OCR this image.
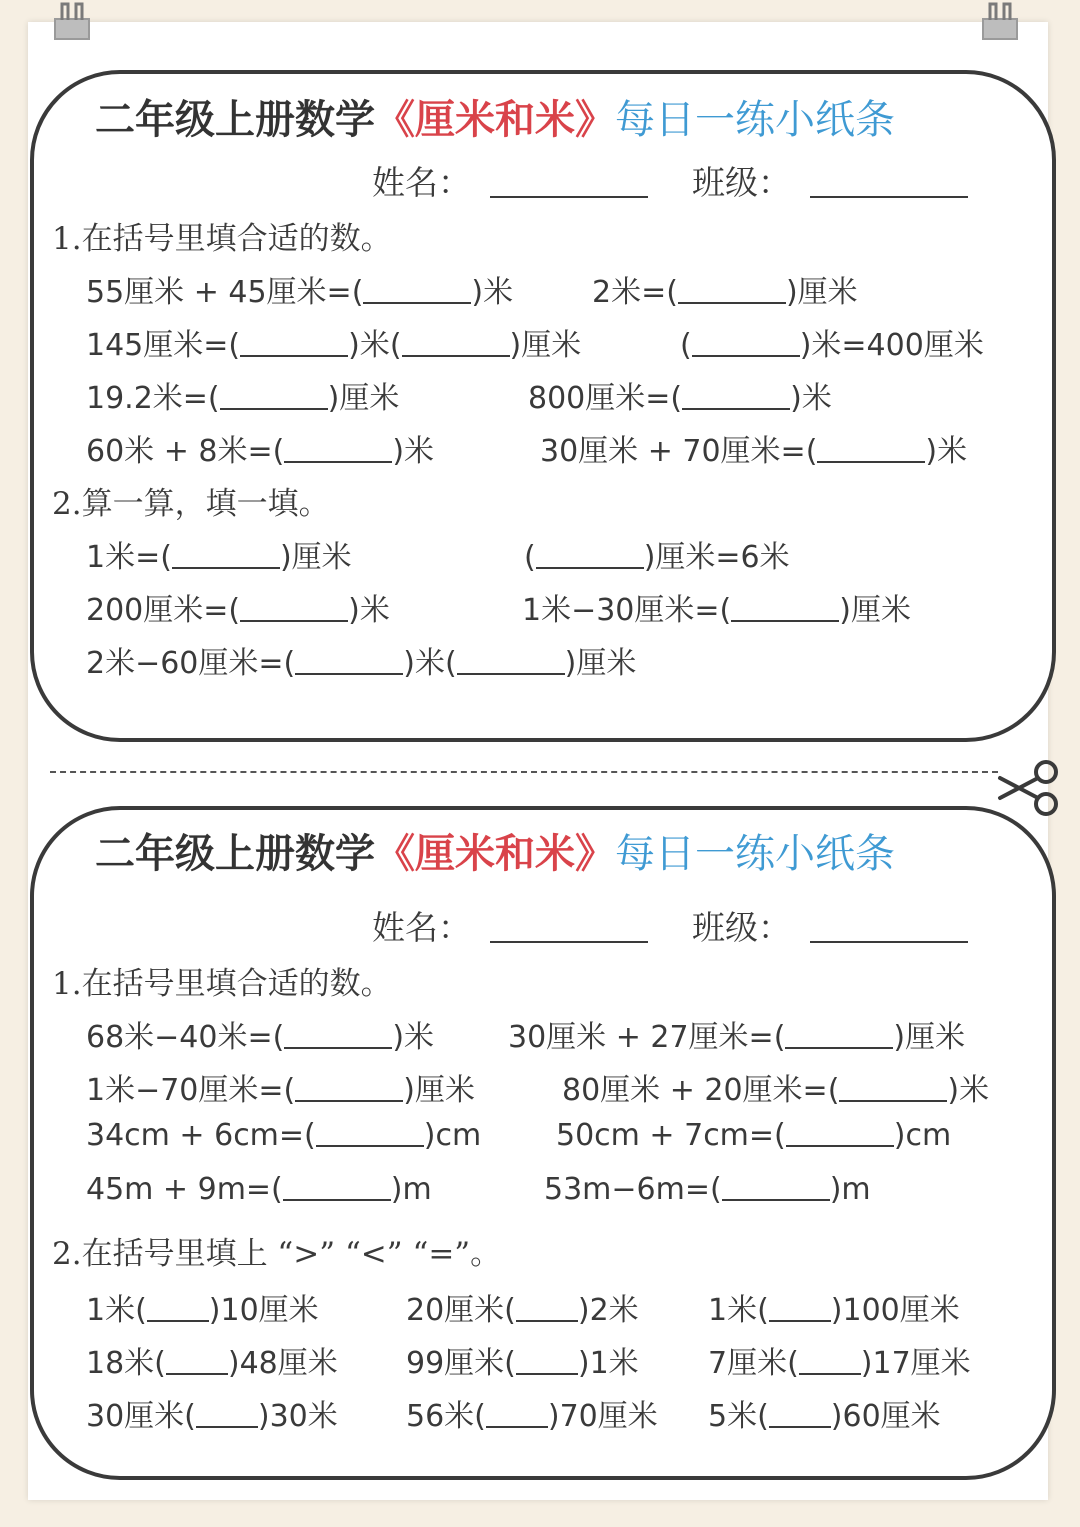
二年级上册数学《厘米和米》每日一练小纸条
姓名：	班级：
1.在括号里填合适的数。
55厘米 + 45厘米=(	)米	2米=(	)厘米
145厘米=(	)米(	)厘米	(	)米=400厘米
19.2米=(	)厘米	800厘米=(	)米
60米 + 8米=(	)米	30厘米 + 70厘米=(	)米
2.算一算，填一填。
1米=(	)厘米	(	)厘米=6米
200厘米=(	)米	1米−30厘米=(	)厘米
2米−60厘米=(	)米(	)厘米
二年级上册数学《厘米和米》每日一练小纸条
姓名：	班级：
1.在括号里填合适的数。
68米−40米=(	)米 30厘米 + 27厘米=(	)厘米
1米−70厘米=(	)厘米	80厘米 + 20厘米=(	)米
34cm + 6cm=(	)cm 50cm + 7cm=(	)cm
45m + 9m=(	)m	53m−6m=(	)m
2.在括号里填上 “>” “<” “=”。
1米( )10厘米	20厘米( )2米 1米( )100厘米
18米( )48厘米 99厘米( )1米 7厘米( )17厘米
30厘米( )30米 56米( )70厘米 5米( )60厘米
